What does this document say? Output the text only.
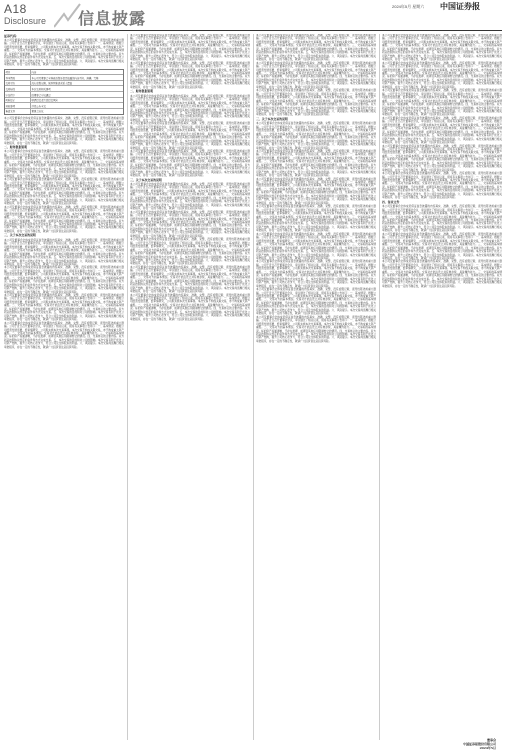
A18
Disclosure 信息披露
2024年5月 星期六 中国证券报
证券代码：

本公司及董事会全体成员保证信息披露的内容真实、准确、完整，没有虚假记载、误导性陈述或重大遗漏。公司于近日召开董事会会议，审议通过了相关议案，现将有关事项公告如下：一、基本情况。根据公司经营发展需要，经审慎研究，公司拟实施本次交易事项。本次交易不构成关联交易，亦不构成重大资产重组。二、交易对方的基本情况。交易对方依法设立并有效存续，具备履约能力。三、交易标的基本情况。标的资产权属清晰，不存在抵押、质押及其他任何限制转让的情况。四、交易协议的主要内容。双方同意按照协议约定的条件和方式完成交易。五、本次交易的目的和对公司的影响。本次交易有利于优化公司资产结构，提升公司核心竞争力，符合公司及全体股东的利益。六、风险提示。本次交易尚需履行相关审批程序，存在一定的不确定性，敬请广大投资者注意投资风险。

项目	内容
基本情况	本公司及董事会全体成员保证信息披露的内容真实、准确、完整
交易对方	没有虚假记载、误导性陈述或重大遗漏
交易标的	本次交易相关事项
审议程序	经董事会审议通过
风险提示	敬请投资者注意投资风险
其他事项	详见公告全文
备查文件	董事会决议

本公司及董事会全体成员保证信息披露的内容真实、准确、完整，没有虚假记载、误导性陈述或重大遗漏。公司于近日召开董事会会议，审议通过了相关议案，现将有关事项公告如下：一、基本情况。根据公司经营发展需要，经审慎研究，公司拟实施本次交易事项。本次交易不构成关联交易，亦不构成重大资产重组。二、交易对方的基本情况。交易对方依法设立并有效存续，具备履约能力。三、交易标的基本情况。标的资产权属清晰，不存在抵押、质押及其他任何限制转让的情况。四、交易协议的主要内容。双方同意按照协议约定的条件和方式完成交易。五、本次交易的目的和对公司的影响。本次交易有利于优化公司资产结构，提升公司核心竞争力，符合公司及全体股东的利益。六、风险提示。本次交易尚需履行相关审批程序，存在一定的不确定性，敬请广大投资者注意投资风险。

二、财务数据说明

本公司及董事会全体成员保证信息披露的内容真实、准确、完整，没有虚假记载、误导性陈述或重大遗漏。公司于近日召开董事会会议，审议通过了相关议案，现将有关事项公告如下：一、基本情况。根据公司经营发展需要，经审慎研究，公司拟实施本次交易事项。本次交易不构成关联交易，亦不构成重大资产重组。二、交易对方的基本情况。交易对方依法设立并有效存续，具备履约能力。三、交易标的基本情况。标的资产权属清晰，不存在抵押、质押及其他任何限制转让的情况。四、交易协议的主要内容。双方同意按照协议约定的条件和方式完成交易。五、本次交易的目的和对公司的影响。本次交易有利于优化公司资产结构，提升公司核心竞争力，符合公司及全体股东的利益。六、风险提示。本次交易尚需履行相关审批程序，存在一定的不确定性，敬请广大投资者注意投资风险。

本公司及董事会全体成员保证信息披露的内容真实、准确、完整，没有虚假记载、误导性陈述或重大遗漏。公司于近日召开董事会会议，审议通过了相关议案，现将有关事项公告如下：一、基本情况。根据公司经营发展需要，经审慎研究，公司拟实施本次交易事项。本次交易不构成关联交易，亦不构成重大资产重组。二、交易对方的基本情况。交易对方依法设立并有效存续，具备履约能力。三、交易标的基本情况。标的资产权属清晰，不存在抵押、质押及其他任何限制转让的情况。四、交易协议的主要内容。双方同意按照协议约定的条件和方式完成交易。五、本次交易的目的和对公司的影响。本次交易有利于优化公司资产结构，提升公司核心竞争力，符合公司及全体股东的利益。六、风险提示。本次交易尚需履行相关审批程序，存在一定的不确定性，敬请广大投资者注意投资风险。

本公司及董事会全体成员保证信息披露的内容真实、准确、完整，没有虚假记载、误导性陈述或重大遗漏。公司于近日召开董事会会议，审议通过了相关议案，现将有关事项公告如下：一、基本情况。根据公司经营发展需要，经审慎研究，公司拟实施本次交易事项。本次交易不构成关联交易，亦不构成重大资产重组。二、交易对方的基本情况。交易对方依法设立并有效存续，具备履约能力。三、交易标的基本情况。标的资产权属清晰，不存在抵押、质押及其他任何限制转让的情况。四、交易协议的主要内容。双方同意按照协议约定的条件和方式完成交易。五、本次交易的目的和对公司的影响。本次交易有利于优化公司资产结构，提升公司核心竞争力，符合公司及全体股东的利益。六、风险提示。本次交易尚需履行相关审批程序，存在一定的不确定性，敬请广大投资者注意投资风险。

三、关于本次交易的说明

本公司及董事会全体成员保证信息披露的内容真实、准确、完整，没有虚假记载、误导性陈述或重大遗漏。公司于近日召开董事会会议，审议通过了相关议案，现将有关事项公告如下：一、基本情况。根据公司经营发展需要，经审慎研究，公司拟实施本次交易事项。本次交易不构成关联交易，亦不构成重大资产重组。二、交易对方的基本情况。交易对方依法设立并有效存续，具备履约能力。三、交易标的基本情况。标的资产权属清晰，不存在抵押、质押及其他任何限制转让的情况。四、交易协议的主要内容。双方同意按照协议约定的条件和方式完成交易。五、本次交易的目的和对公司的影响。本次交易有利于优化公司资产结构，提升公司核心竞争力，符合公司及全体股东的利益。六、风险提示。本次交易尚需履行相关审批程序，存在一定的不确定性，敬请广大投资者注意投资风险。

本公司及董事会全体成员保证信息披露的内容真实、准确、完整，没有虚假记载、误导性陈述或重大遗漏。公司于近日召开董事会会议，审议通过了相关议案，现将有关事项公告如下：一、基本情况。根据公司经营发展需要，经审慎研究，公司拟实施本次交易事项。本次交易不构成关联交易，亦不构成重大资产重组。二、交易对方的基本情况。交易对方依法设立并有效存续，具备履约能力。三、交易标的基本情况。标的资产权属清晰，不存在抵押、质押及其他任何限制转让的情况。四、交易协议的主要内容。双方同意按照协议约定的条件和方式完成交易。五、本次交易的目的和对公司的影响。本次交易有利于优化公司资产结构，提升公司核心竞争力，符合公司及全体股东的利益。六、风险提示。本次交易尚需履行相关审批程序，存在一定的不确定性，敬请广大投资者注意投资风险。

本公司及董事会全体成员保证信息披露的内容真实、准确、完整，没有虚假记载、误导性陈述或重大遗漏。公司于近日召开董事会会议，审议通过了相关议案，现将有关事项公告如下：一、基本情况。根据公司经营发展需要，经审慎研究，公司拟实施本次交易事项。本次交易不构成关联交易，亦不构成重大资产重组。二、交易对方的基本情况。交易对方依法设立并有效存续，具备履约能力。三、交易标的基本情况。标的资产权属清晰，不存在抵押、质押及其他任何限制转让的情况。四、交易协议的主要内容。双方同意按照协议约定的条件和方式完成交易。五、本次交易的目的和对公司的影响。本次交易有利于优化公司资产结构，提升公司核心竞争力，符合公司及全体股东的利益。六、风险提示。本次交易尚需履行相关审批程序，存在一定的不确定性，敬请广大投资者注意投资风险。

本公司及董事会全体成员保证信息披露的内容真实、准确、完整，没有虚假记载、误导性陈述或重大遗漏。公司于近日召开董事会会议，审议通过了相关议案，现将有关事项公告如下：一、基本情况。根据公司经营发展需要，经审慎研究，公司拟实施本次交易事项。本次交易不构成关联交易，亦不构成重大资产重组。二、交易对方的基本情况。交易对方依法设立并有效存续，具备履约能力。三、交易标的基本情况。标的资产权属清晰，不存在抵押、质押及其他任何限制转让的情况。四、交易协议的主要内容。双方同意按照协议约定的条件和方式完成交易。五、本次交易的目的和对公司的影响。本次交易有利于优化公司资产结构，提升公司核心竞争力，符合公司及全体股东的利益。六、风险提示。本次交易尚需履行相关审批程序，存在一定的不确定性，敬请广大投资者注意投资风险。

本公司及董事会全体成员保证信息披露的内容真实、准确、完整，没有虚假记载、误导性陈述或重大遗漏。公司于近日召开董事会会议，审议通过了相关议案，现将有关事项公告如下：一、基本情况。根据公司经营发展需要，经审慎研究，公司拟实施本次交易事项。本次交易不构成关联交易，亦不构成重大资产重组。二、交易对方的基本情况。交易对方依法设立并有效存续，具备履约能力。三、交易标的基本情况。标的资产权属清晰，不存在抵押、质押及其他任何限制转让的情况。四、交易协议的主要内容。双方同意按照协议约定的条件和方式完成交易。五、本次交易的目的和对公司的影响。本次交易有利于优化公司资产结构，提升公司核心竞争力，符合公司及全体股东的利益。六、风险提示。本次交易尚需履行相关审批程序，存在一定的不确定性，敬请广大投资者注意投资风险。

本公司及董事会全体成员保证信息披露的内容真实、准确、完整，没有虚假记载、误导性陈述或重大遗漏。公司于近日召开董事会会议，审议通过了相关议案，现将有关事项公告如下：一、基本情况。根据公司经营发展需要，经审慎研究，公司拟实施本次交易事项。本次交易不构成关联交易，亦不构成重大资产重组。二、交易对方的基本情况。交易对方依法设立并有效存续，具备履约能力。三、交易标的基本情况。标的资产权属清晰，不存在抵押、质押及其他任何限制转让的情况。四、交易协议的主要内容。双方同意按照协议约定的条件和方式完成交易。五、本次交易的目的和对公司的影响。本次交易有利于优化公司资产结构，提升公司核心竞争力，符合公司及全体股东的利益。六、风险提示。本次交易尚需履行相关审批程序，存在一定的不确定性，敬请广大投资者注意投资风险。

二、财务数据说明

本公司及董事会全体成员保证信息披露的内容真实、准确、完整，没有虚假记载、误导性陈述或重大遗漏。公司于近日召开董事会会议，审议通过了相关议案，现将有关事项公告如下：一、基本情况。根据公司经营发展需要，经审慎研究，公司拟实施本次交易事项。本次交易不构成关联交易，亦不构成重大资产重组。二、交易对方的基本情况。交易对方依法设立并有效存续，具备履约能力。三、交易标的基本情况。标的资产权属清晰，不存在抵押、质押及其他任何限制转让的情况。四、交易协议的主要内容。双方同意按照协议约定的条件和方式完成交易。五、本次交易的目的和对公司的影响。本次交易有利于优化公司资产结构，提升公司核心竞争力，符合公司及全体股东的利益。六、风险提示。本次交易尚需履行相关审批程序，存在一定的不确定性，敬请广大投资者注意投资风险。

本公司及董事会全体成员保证信息披露的内容真实、准确、完整，没有虚假记载、误导性陈述或重大遗漏。公司于近日召开董事会会议，审议通过了相关议案，现将有关事项公告如下：一、基本情况。根据公司经营发展需要，经审慎研究，公司拟实施本次交易事项。本次交易不构成关联交易，亦不构成重大资产重组。二、交易对方的基本情况。交易对方依法设立并有效存续，具备履约能力。三、交易标的基本情况。标的资产权属清晰，不存在抵押、质押及其他任何限制转让的情况。四、交易协议的主要内容。双方同意按照协议约定的条件和方式完成交易。五、本次交易的目的和对公司的影响。本次交易有利于优化公司资产结构，提升公司核心竞争力，符合公司及全体股东的利益。六、风险提示。本次交易尚需履行相关审批程序，存在一定的不确定性，敬请广大投资者注意投资风险。

本公司及董事会全体成员保证信息披露的内容真实、准确、完整，没有虚假记载、误导性陈述或重大遗漏。公司于近日召开董事会会议，审议通过了相关议案，现将有关事项公告如下：一、基本情况。根据公司经营发展需要，经审慎研究，公司拟实施本次交易事项。本次交易不构成关联交易，亦不构成重大资产重组。二、交易对方的基本情况。交易对方依法设立并有效存续，具备履约能力。三、交易标的基本情况。标的资产权属清晰，不存在抵押、质押及其他任何限制转让的情况。四、交易协议的主要内容。双方同意按照协议约定的条件和方式完成交易。五、本次交易的目的和对公司的影响。本次交易有利于优化公司资产结构，提升公司核心竞争力，符合公司及全体股东的利益。六、风险提示。本次交易尚需履行相关审批程序，存在一定的不确定性，敬请广大投资者注意投资风险。

三、关于本次交易的说明

本公司及董事会全体成员保证信息披露的内容真实、准确、完整，没有虚假记载、误导性陈述或重大遗漏。公司于近日召开董事会会议，审议通过了相关议案，现将有关事项公告如下：一、基本情况。根据公司经营发展需要，经审慎研究，公司拟实施本次交易事项。本次交易不构成关联交易，亦不构成重大资产重组。二、交易对方的基本情况。交易对方依法设立并有效存续，具备履约能力。三、交易标的基本情况。标的资产权属清晰，不存在抵押、质押及其他任何限制转让的情况。四、交易协议的主要内容。双方同意按照协议约定的条件和方式完成交易。五、本次交易的目的和对公司的影响。本次交易有利于优化公司资产结构，提升公司核心竞争力，符合公司及全体股东的利益。六、风险提示。本次交易尚需履行相关审批程序，存在一定的不确定性，敬请广大投资者注意投资风险。

本公司及董事会全体成员保证信息披露的内容真实、准确、完整，没有虚假记载、误导性陈述或重大遗漏。公司于近日召开董事会会议，审议通过了相关议案，现将有关事项公告如下：一、基本情况。根据公司经营发展需要，经审慎研究，公司拟实施本次交易事项。本次交易不构成关联交易，亦不构成重大资产重组。二、交易对方的基本情况。交易对方依法设立并有效存续，具备履约能力。三、交易标的基本情况。标的资产权属清晰，不存在抵押、质押及其他任何限制转让的情况。四、交易协议的主要内容。双方同意按照协议约定的条件和方式完成交易。五、本次交易的目的和对公司的影响。本次交易有利于优化公司资产结构，提升公司核心竞争力，符合公司及全体股东的利益。六、风险提示。本次交易尚需履行相关审批程序，存在一定的不确定性，敬请广大投资者注意投资风险。

本公司及董事会全体成员保证信息披露的内容真实、准确、完整，没有虚假记载、误导性陈述或重大遗漏。公司于近日召开董事会会议，审议通过了相关议案，现将有关事项公告如下：一、基本情况。根据公司经营发展需要，经审慎研究，公司拟实施本次交易事项。本次交易不构成关联交易，亦不构成重大资产重组。二、交易对方的基本情况。交易对方依法设立并有效存续，具备履约能力。三、交易标的基本情况。标的资产权属清晰，不存在抵押、质押及其他任何限制转让的情况。四、交易协议的主要内容。双方同意按照协议约定的条件和方式完成交易。五、本次交易的目的和对公司的影响。本次交易有利于优化公司资产结构，提升公司核心竞争力，符合公司及全体股东的利益。六、风险提示。本次交易尚需履行相关审批程序，存在一定的不确定性，敬请广大投资者注意投资风险。

本公司及董事会全体成员保证信息披露的内容真实、准确、完整，没有虚假记载、误导性陈述或重大遗漏。公司于近日召开董事会会议，审议通过了相关议案，现将有关事项公告如下：一、基本情况。根据公司经营发展需要，经审慎研究，公司拟实施本次交易事项。本次交易不构成关联交易，亦不构成重大资产重组。二、交易对方的基本情况。交易对方依法设立并有效存续，具备履约能力。三、交易标的基本情况。标的资产权属清晰，不存在抵押、质押及其他任何限制转让的情况。四、交易协议的主要内容。双方同意按照协议约定的条件和方式完成交易。五、本次交易的目的和对公司的影响。本次交易有利于优化公司资产结构，提升公司核心竞争力，符合公司及全体股东的利益。六、风险提示。本次交易尚需履行相关审批程序，存在一定的不确定性，敬请广大投资者注意投资风险。

本公司及董事会全体成员保证信息披露的内容真实、准确、完整，没有虚假记载、误导性陈述或重大遗漏。公司于近日召开董事会会议，审议通过了相关议案，现将有关事项公告如下：一、基本情况。根据公司经营发展需要，经审慎研究，公司拟实施本次交易事项。本次交易不构成关联交易，亦不构成重大资产重组。二、交易对方的基本情况。交易对方依法设立并有效存续，具备履约能力。三、交易标的基本情况。标的资产权属清晰，不存在抵押、质押及其他任何限制转让的情况。四、交易协议的主要内容。双方同意按照协议约定的条件和方式完成交易。五、本次交易的目的和对公司的影响。本次交易有利于优化公司资产结构，提升公司核心竞争力，符合公司及全体股东的利益。六、风险提示。本次交易尚需履行相关审批程序，存在一定的不确定性，敬请广大投资者注意投资风险。

本公司及董事会全体成员保证信息披露的内容真实、准确、完整，没有虚假记载、误导性陈述或重大遗漏。公司于近日召开董事会会议，审议通过了相关议案，现将有关事项公告如下：一、基本情况。根据公司经营发展需要，经审慎研究，公司拟实施本次交易事项。本次交易不构成关联交易，亦不构成重大资产重组。二、交易对方的基本情况。交易对方依法设立并有效存续，具备履约能力。三、交易标的基本情况。标的资产权属清晰，不存在抵押、质押及其他任何限制转让的情况。四、交易协议的主要内容。双方同意按照协议约定的条件和方式完成交易。五、本次交易的目的和对公司的影响。本次交易有利于优化公司资产结构，提升公司核心竞争力，符合公司及全体股东的利益。六、风险提示。本次交易尚需履行相关审批程序，存在一定的不确定性，敬请广大投资者注意投资风险。

本公司及董事会全体成员保证信息披露的内容真实、准确、完整，没有虚假记载、误导性陈述或重大遗漏。公司于近日召开董事会会议，审议通过了相关议案，现将有关事项公告如下：一、基本情况。根据公司经营发展需要，经审慎研究，公司拟实施本次交易事项。本次交易不构成关联交易，亦不构成重大资产重组。二、交易对方的基本情况。交易对方依法设立并有效存续，具备履约能力。三、交易标的基本情况。标的资产权属清晰，不存在抵押、质押及其他任何限制转让的情况。四、交易协议的主要内容。双方同意按照协议约定的条件和方式完成交易。五、本次交易的目的和对公司的影响。本次交易有利于优化公司资产结构，提升公司核心竞争力，符合公司及全体股东的利益。六、风险提示。本次交易尚需履行相关审批程序，存在一定的不确定性，敬请广大投资者注意投资风险。

本公司及董事会全体成员保证信息披露的内容真实、准确、完整，没有虚假记载、误导性陈述或重大遗漏。公司于近日召开董事会会议，审议通过了相关议案，现将有关事项公告如下：一、基本情况。根据公司经营发展需要，经审慎研究，公司拟实施本次交易事项。本次交易不构成关联交易，亦不构成重大资产重组。二、交易对方的基本情况。交易对方依法设立并有效存续，具备履约能力。三、交易标的基本情况。标的资产权属清晰，不存在抵押、质押及其他任何限制转让的情况。四、交易协议的主要内容。双方同意按照协议约定的条件和方式完成交易。五、本次交易的目的和对公司的影响。本次交易有利于优化公司资产结构，提升公司核心竞争力，符合公司及全体股东的利益。六、风险提示。本次交易尚需履行相关审批程序，存在一定的不确定性，敬请广大投资者注意投资风险。

三、关于本次交易的说明

本公司及董事会全体成员保证信息披露的内容真实、准确、完整，没有虚假记载、误导性陈述或重大遗漏。公司于近日召开董事会会议，审议通过了相关议案，现将有关事项公告如下：一、基本情况。根据公司经营发展需要，经审慎研究，公司拟实施本次交易事项。本次交易不构成关联交易，亦不构成重大资产重组。二、交易对方的基本情况。交易对方依法设立并有效存续，具备履约能力。三、交易标的基本情况。标的资产权属清晰，不存在抵押、质押及其他任何限制转让的情况。四、交易协议的主要内容。双方同意按照协议约定的条件和方式完成交易。五、本次交易的目的和对公司的影响。本次交易有利于优化公司资产结构，提升公司核心竞争力，符合公司及全体股东的利益。六、风险提示。本次交易尚需履行相关审批程序，存在一定的不确定性，敬请广大投资者注意投资风险。

本公司及董事会全体成员保证信息披露的内容真实、准确、完整，没有虚假记载、误导性陈述或重大遗漏。公司于近日召开董事会会议，审议通过了相关议案，现将有关事项公告如下：一、基本情况。根据公司经营发展需要，经审慎研究，公司拟实施本次交易事项。本次交易不构成关联交易，亦不构成重大资产重组。二、交易对方的基本情况。交易对方依法设立并有效存续，具备履约能力。三、交易标的基本情况。标的资产权属清晰，不存在抵押、质押及其他任何限制转让的情况。四、交易协议的主要内容。双方同意按照协议约定的条件和方式完成交易。五、本次交易的目的和对公司的影响。本次交易有利于优化公司资产结构，提升公司核心竞争力，符合公司及全体股东的利益。六、风险提示。本次交易尚需履行相关审批程序，存在一定的不确定性，敬请广大投资者注意投资风险。

本公司及董事会全体成员保证信息披露的内容真实、准确、完整，没有虚假记载、误导性陈述或重大遗漏。公司于近日召开董事会会议，审议通过了相关议案，现将有关事项公告如下：一、基本情况。根据公司经营发展需要，经审慎研究，公司拟实施本次交易事项。本次交易不构成关联交易，亦不构成重大资产重组。二、交易对方的基本情况。交易对方依法设立并有效存续，具备履约能力。三、交易标的基本情况。标的资产权属清晰，不存在抵押、质押及其他任何限制转让的情况。四、交易协议的主要内容。双方同意按照协议约定的条件和方式完成交易。五、本次交易的目的和对公司的影响。本次交易有利于优化公司资产结构，提升公司核心竞争力，符合公司及全体股东的利益。六、风险提示。本次交易尚需履行相关审批程序，存在一定的不确定性，敬请广大投资者注意投资风险。

本公司及董事会全体成员保证信息披露的内容真实、准确、完整，没有虚假记载、误导性陈述或重大遗漏。公司于近日召开董事会会议，审议通过了相关议案，现将有关事项公告如下：一、基本情况。根据公司经营发展需要，经审慎研究，公司拟实施本次交易事项。本次交易不构成关联交易，亦不构成重大资产重组。二、交易对方的基本情况。交易对方依法设立并有效存续，具备履约能力。三、交易标的基本情况。标的资产权属清晰，不存在抵押、质押及其他任何限制转让的情况。四、交易协议的主要内容。双方同意按照协议约定的条件和方式完成交易。五、本次交易的目的和对公司的影响。本次交易有利于优化公司资产结构，提升公司核心竞争力，符合公司及全体股东的利益。六、风险提示。本次交易尚需履行相关审批程序，存在一定的不确定性，敬请广大投资者注意投资风险。

本公司及董事会全体成员保证信息披露的内容真实、准确、完整，没有虚假记载、误导性陈述或重大遗漏。公司于近日召开董事会会议，审议通过了相关议案，现将有关事项公告如下：一、基本情况。根据公司经营发展需要，经审慎研究，公司拟实施本次交易事项。本次交易不构成关联交易，亦不构成重大资产重组。二、交易对方的基本情况。交易对方依法设立并有效存续，具备履约能力。三、交易标的基本情况。标的资产权属清晰，不存在抵押、质押及其他任何限制转让的情况。四、交易协议的主要内容。双方同意按照协议约定的条件和方式完成交易。五、本次交易的目的和对公司的影响。本次交易有利于优化公司资产结构，提升公司核心竞争力，符合公司及全体股东的利益。六、风险提示。本次交易尚需履行相关审批程序，存在一定的不确定性，敬请广大投资者注意投资风险。

本公司及董事会全体成员保证信息披露的内容真实、准确、完整，没有虚假记载、误导性陈述或重大遗漏。公司于近日召开董事会会议，审议通过了相关议案，现将有关事项公告如下：一、基本情况。根据公司经营发展需要，经审慎研究，公司拟实施本次交易事项。本次交易不构成关联交易，亦不构成重大资产重组。二、交易对方的基本情况。交易对方依法设立并有效存续，具备履约能力。三、交易标的基本情况。标的资产权属清晰，不存在抵押、质押及其他任何限制转让的情况。四、交易协议的主要内容。双方同意按照协议约定的条件和方式完成交易。五、本次交易的目的和对公司的影响。本次交易有利于优化公司资产结构，提升公司核心竞争力，符合公司及全体股东的利益。六、风险提示。本次交易尚需履行相关审批程序，存在一定的不确定性，敬请广大投资者注意投资风险。

本公司及董事会全体成员保证信息披露的内容真实、准确、完整，没有虚假记载、误导性陈述或重大遗漏。公司于近日召开董事会会议，审议通过了相关议案，现将有关事项公告如下：一、基本情况。根据公司经营发展需要，经审慎研究，公司拟实施本次交易事项。本次交易不构成关联交易，亦不构成重大资产重组。二、交易对方的基本情况。交易对方依法设立并有效存续，具备履约能力。三、交易标的基本情况。标的资产权属清晰，不存在抵押、质押及其他任何限制转让的情况。四、交易协议的主要内容。双方同意按照协议约定的条件和方式完成交易。五、本次交易的目的和对公司的影响。本次交易有利于优化公司资产结构，提升公司核心竞争力，符合公司及全体股东的利益。六、风险提示。本次交易尚需履行相关审批程序，存在一定的不确定性，敬请广大投资者注意投资风险。

本公司及董事会全体成员保证信息披露的内容真实、准确、完整，没有虚假记载、误导性陈述或重大遗漏。公司于近日召开董事会会议，审议通过了相关议案，现将有关事项公告如下：一、基本情况。根据公司经营发展需要，经审慎研究，公司拟实施本次交易事项。本次交易不构成关联交易，亦不构成重大资产重组。二、交易对方的基本情况。交易对方依法设立并有效存续，具备履约能力。三、交易标的基本情况。标的资产权属清晰，不存在抵押、质押及其他任何限制转让的情况。四、交易协议的主要内容。双方同意按照协议约定的条件和方式完成交易。五、本次交易的目的和对公司的影响。本次交易有利于优化公司资产结构，提升公司核心竞争力，符合公司及全体股东的利益。六、风险提示。本次交易尚需履行相关审批程序，存在一定的不确定性，敬请广大投资者注意投资风险。

本公司及董事会全体成员保证信息披露的内容真实、准确、完整，没有虚假记载、误导性陈述或重大遗漏。公司于近日召开董事会会议，审议通过了相关议案，现将有关事项公告如下：一、基本情况。根据公司经营发展需要，经审慎研究，公司拟实施本次交易事项。本次交易不构成关联交易，亦不构成重大资产重组。二、交易对方的基本情况。交易对方依法设立并有效存续，具备履约能力。三、交易标的基本情况。标的资产权属清晰，不存在抵押、质押及其他任何限制转让的情况。四、交易协议的主要内容。双方同意按照协议约定的条件和方式完成交易。五、本次交易的目的和对公司的影响。本次交易有利于优化公司资产结构，提升公司核心竞争力，符合公司及全体股东的利益。六、风险提示。本次交易尚需履行相关审批程序，存在一定的不确定性，敬请广大投资者注意投资风险。

本公司及董事会全体成员保证信息披露的内容真实、准确、完整，没有虚假记载、误导性陈述或重大遗漏。公司于近日召开董事会会议，审议通过了相关议案，现将有关事项公告如下：一、基本情况。根据公司经营发展需要，经审慎研究，公司拟实施本次交易事项。本次交易不构成关联交易，亦不构成重大资产重组。二、交易对方的基本情况。交易对方依法设立并有效存续，具备履约能力。三、交易标的基本情况。标的资产权属清晰，不存在抵押、质押及其他任何限制转让的情况。四、交易协议的主要内容。双方同意按照协议约定的条件和方式完成交易。五、本次交易的目的和对公司的影响。本次交易有利于优化公司资产结构，提升公司核心竞争力，符合公司及全体股东的利益。六、风险提示。本次交易尚需履行相关审批程序，存在一定的不确定性，敬请广大投资者注意投资风险。

本公司及董事会全体成员保证信息披露的内容真实、准确、完整，没有虚假记载、误导性陈述或重大遗漏。公司于近日召开董事会会议，审议通过了相关议案，现将有关事项公告如下：一、基本情况。根据公司经营发展需要，经审慎研究，公司拟实施本次交易事项。本次交易不构成关联交易，亦不构成重大资产重组。二、交易对方的基本情况。交易对方依法设立并有效存续，具备履约能力。三、交易标的基本情况。标的资产权属清晰，不存在抵押、质押及其他任何限制转让的情况。四、交易协议的主要内容。双方同意按照协议约定的条件和方式完成交易。五、本次交易的目的和对公司的影响。本次交易有利于优化公司资产结构，提升公司核心竞争力，符合公司及全体股东的利益。六、风险提示。本次交易尚需履行相关审批程序，存在一定的不确定性，敬请广大投资者注意投资风险。

本公司及董事会全体成员保证信息披露的内容真实、准确、完整，没有虚假记载、误导性陈述或重大遗漏。公司于近日召开董事会会议，审议通过了相关议案，现将有关事项公告如下：一、基本情况。根据公司经营发展需要，经审慎研究，公司拟实施本次交易事项。本次交易不构成关联交易，亦不构成重大资产重组。二、交易对方的基本情况。交易对方依法设立并有效存续，具备履约能力。三、交易标的基本情况。标的资产权属清晰，不存在抵押、质押及其他任何限制转让的情况。四、交易协议的主要内容。双方同意按照协议约定的条件和方式完成交易。五、本次交易的目的和对公司的影响。本次交易有利于优化公司资产结构，提升公司核心竞争力，符合公司及全体股东的利益。六、风险提示。本次交易尚需履行相关审批程序，存在一定的不确定性，敬请广大投资者注意投资风险。

本公司及董事会全体成员保证信息披露的内容真实、准确、完整，没有虚假记载、误导性陈述或重大遗漏。公司于近日召开董事会会议，审议通过了相关议案，现将有关事项公告如下：一、基本情况。根据公司经营发展需要，经审慎研究，公司拟实施本次交易事项。本次交易不构成关联交易，亦不构成重大资产重组。二、交易对方的基本情况。交易对方依法设立并有效存续，具备履约能力。三、交易标的基本情况。标的资产权属清晰，不存在抵押、质押及其他任何限制转让的情况。四、交易协议的主要内容。双方同意按照协议约定的条件和方式完成交易。五、本次交易的目的和对公司的影响。本次交易有利于优化公司资产结构，提升公司核心竞争力，符合公司及全体股东的利益。六、风险提示。本次交易尚需履行相关审批程序，存在一定的不确定性，敬请广大投资者注意投资风险。

本公司及董事会全体成员保证信息披露的内容真实、准确、完整，没有虚假记载、误导性陈述或重大遗漏。公司于近日召开董事会会议，审议通过了相关议案，现将有关事项公告如下：一、基本情况。根据公司经营发展需要，经审慎研究，公司拟实施本次交易事项。本次交易不构成关联交易，亦不构成重大资产重组。二、交易对方的基本情况。交易对方依法设立并有效存续，具备履约能力。三、交易标的基本情况。标的资产权属清晰，不存在抵押、质押及其他任何限制转让的情况。四、交易协议的主要内容。双方同意按照协议约定的条件和方式完成交易。五、本次交易的目的和对公司的影响。本次交易有利于优化公司资产结构，提升公司核心竞争力，符合公司及全体股东的利益。六、风险提示。本次交易尚需履行相关审批程序，存在一定的不确定性，敬请广大投资者注意投资风险。

四、备查文件

本公司及董事会全体成员保证信息披露的内容真实、准确、完整，没有虚假记载、误导性陈述或重大遗漏。公司于近日召开董事会会议，审议通过了相关议案，现将有关事项公告如下：一、基本情况。根据公司经营发展需要，经审慎研究，公司拟实施本次交易事项。本次交易不构成关联交易，亦不构成重大资产重组。二、交易对方的基本情况。交易对方依法设立并有效存续，具备履约能力。三、交易标的基本情况。标的资产权属清晰，不存在抵押、质押及其他任何限制转让的情况。四、交易协议的主要内容。双方同意按照协议约定的条件和方式完成交易。五、本次交易的目的和对公司的影响。本次交易有利于优化公司资产结构，提升公司核心竞争力，符合公司及全体股东的利益。六、风险提示。本次交易尚需履行相关审批程序，存在一定的不确定性，敬请广大投资者注意投资风险。

本公司及董事会全体成员保证信息披露的内容真实、准确、完整，没有虚假记载、误导性陈述或重大遗漏。公司于近日召开董事会会议，审议通过了相关议案，现将有关事项公告如下：一、基本情况。根据公司经营发展需要，经审慎研究，公司拟实施本次交易事项。本次交易不构成关联交易，亦不构成重大资产重组。二、交易对方的基本情况。交易对方依法设立并有效存续，具备履约能力。三、交易标的基本情况。标的资产权属清晰，不存在抵押、质押及其他任何限制转让的情况。四、交易协议的主要内容。双方同意按照协议约定的条件和方式完成交易。五、本次交易的目的和对公司的影响。本次交易有利于优化公司资产结构，提升公司核心竞争力，符合公司及全体股东的利益。六、风险提示。本次交易尚需履行相关审批程序，存在一定的不确定性，敬请广大投资者注意投资风险。

本公司及董事会全体成员保证信息披露的内容真实、准确、完整，没有虚假记载、误导性陈述或重大遗漏。公司于近日召开董事会会议，审议通过了相关议案，现将有关事项公告如下：一、基本情况。根据公司经营发展需要，经审慎研究，公司拟实施本次交易事项。本次交易不构成关联交易，亦不构成重大资产重组。二、交易对方的基本情况。交易对方依法设立并有效存续，具备履约能力。三、交易标的基本情况。标的资产权属清晰，不存在抵押、质押及其他任何限制转让的情况。四、交易协议的主要内容。双方同意按照协议约定的条件和方式完成交易。五、本次交易的目的和对公司的影响。本次交易有利于优化公司资产结构，提升公司核心竞争力，符合公司及全体股东的利益。六、风险提示。本次交易尚需履行相关审批程序，存在一定的不确定性，敬请广大投资者注意投资风险。

董事会
中国证券报股份有限公司
2024年5月
